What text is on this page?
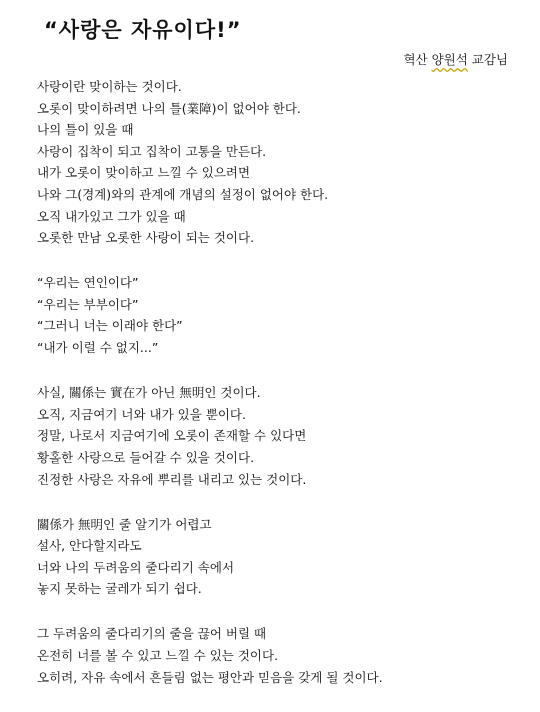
“사랑은 자유이다!”
혁산 양원석 교감님
사랑이란 맞이하는 것이다.
오롯이 맞이하려면 나의 틀(業障)이 없어야 한다.
나의 틀이 있을 때
사랑이 집착이 되고 집착이 고통을 만든다.
내가 오롯이 맞이하고 느낄 수 있으려면
나와 그(경계)와의 관계에 개념의 설정이 없어야 한다.
오직 내가있고 그가 있을 때
오롯한 만남 오롯한 사랑이 되는 것이다.
“우리는 연인이다”
“우리는 부부이다”
“그러니 너는 이래야 한다”
“내가 이럴 수 없지...”
사실, 關係는 實在가 아닌 無明인 것이다.
오직, 지금여기 너와 내가 있을 뿐이다.
정말, 나로서 지금여기에 오롯이 존재할 수 있다면
황홀한 사랑으로 들어갈 수 있을 것이다.
진정한 사랑은 자유에 뿌리를 내리고 있는 것이다.
關係가 無明인 줄 알기가 어렵고
설사, 안다할지라도
너와 나의 두려움의 줄다리기 속에서
놓지 못하는 굴레가 되기 쉽다.
그 두려움의 줄다리기의 줄을 끊어 버릴 때
온전히 너를 볼 수 있고 느낄 수 있는 것이다.
오히려, 자유 속에서 흔들림 없는 평안과 믿음을 갖게 될 것이다.
